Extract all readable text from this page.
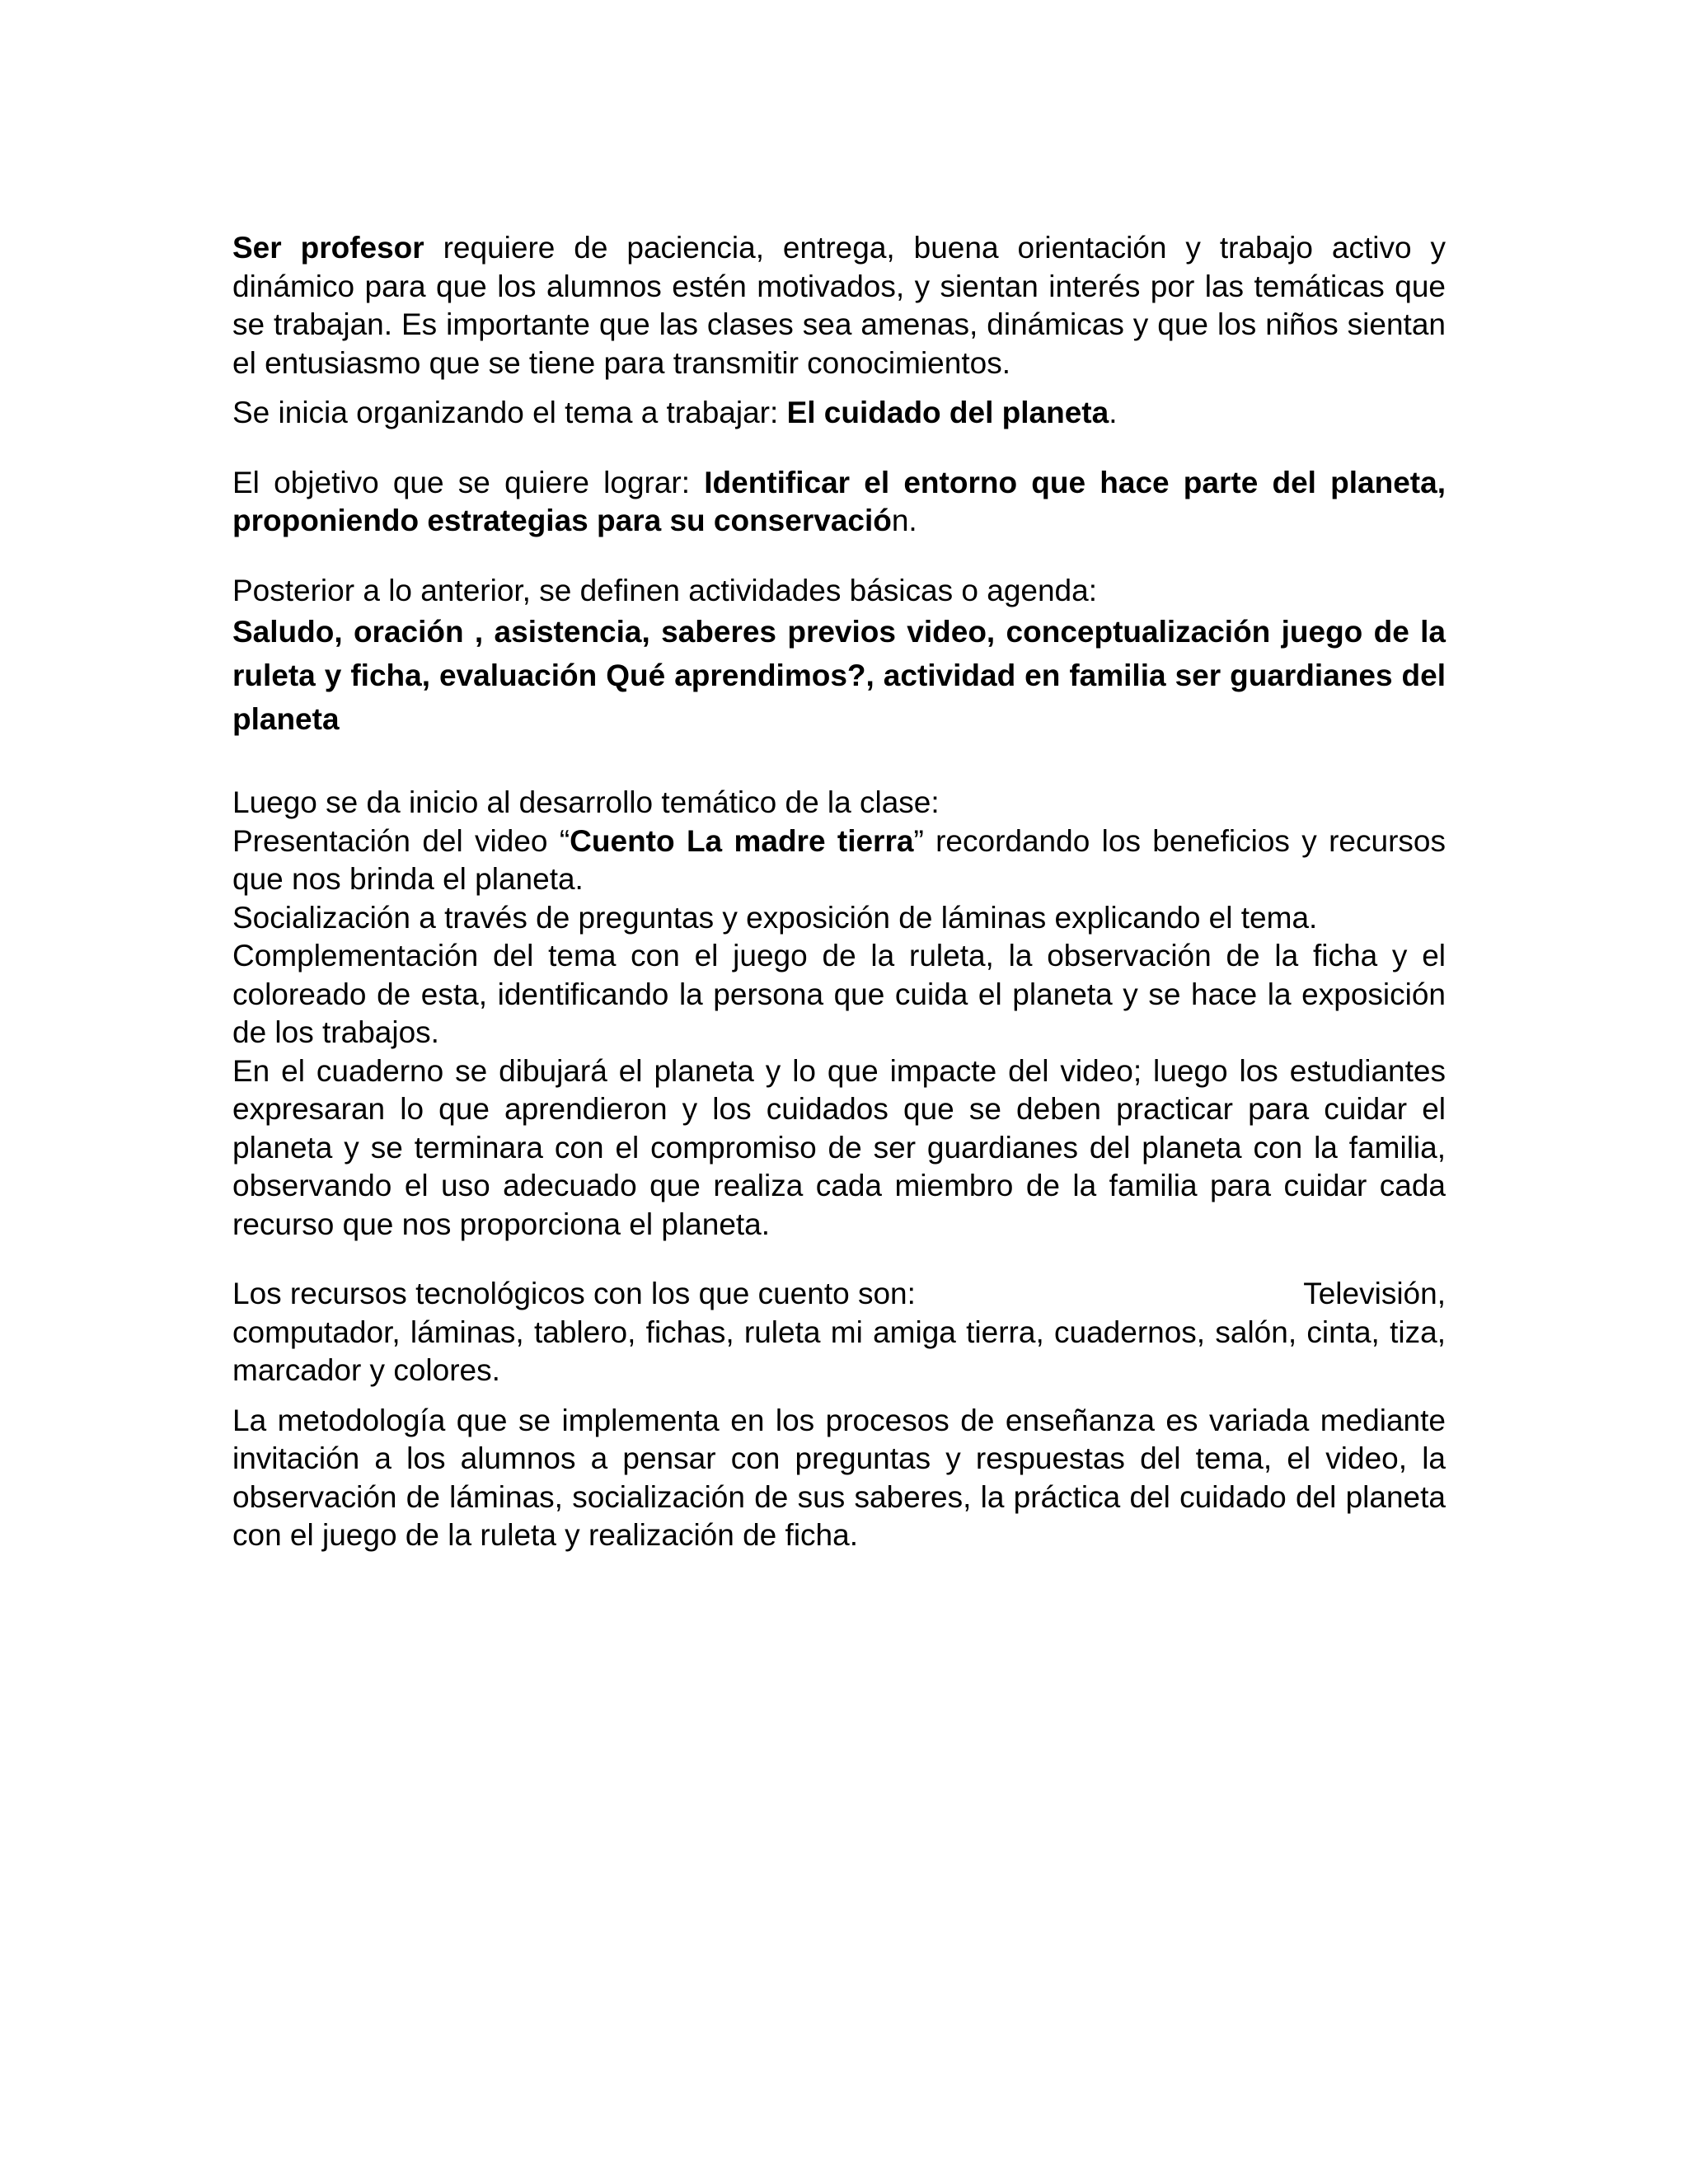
Ser profesor requiere de paciencia, entrega, buena orientación y trabajo activo y dinámico para que los alumnos estén motivados, y sientan interés por las temáticas que se trabajan. Es importante que las clases sea amenas, dinámicas y que los niños sientan el entusiasmo que se tiene para transmitir conocimientos.

Se inicia organizando el tema a trabajar: El cuidado del planeta.

El objetivo que se quiere lograr: Identificar el entorno que hace parte del planeta, proponiendo estrategias para su conservación.

Posterior a lo anterior, se definen actividades básicas o agenda:

Saludo, oración , asistencia, saberes previos video, conceptualización juego de la ruleta y ficha, evaluación Qué aprendimos?, actividad en familia ser guardianes del planeta

Luego se da inicio al desarrollo temático de la clase:

Presentación del video “Cuento La madre tierra” recordando los beneficios y recursos que nos brinda el planeta.

Socialización a través de preguntas y exposición de láminas explicando el tema.

Complementación del tema con el juego de la ruleta, la observación de la ficha y el coloreado de esta, identificando la persona que cuida el planeta y se hace la exposición de los trabajos.

En el cuaderno se dibujará el planeta y lo que impacte del video; luego los estudiantes expresaran lo que aprendieron y los cuidados que se deben practicar para cuidar el planeta y se terminara con el compromiso de ser guardianes del planeta con la familia, observando el uso adecuado que realiza cada miembro de la familia para cuidar cada recurso que nos proporciona el planeta.

Los recursos tecnológicos con los que cuento son:	Televisión,

computador, láminas, tablero, fichas, ruleta mi amiga tierra, cuadernos, salón, cinta, tiza, marcador y colores.

La metodología que se implementa en los procesos de enseñanza es variada mediante invitación a los alumnos a pensar con preguntas y respuestas del tema, el video, la observación de láminas, socialización de sus saberes, la práctica del cuidado del planeta con el juego de la ruleta y realización de ficha.
